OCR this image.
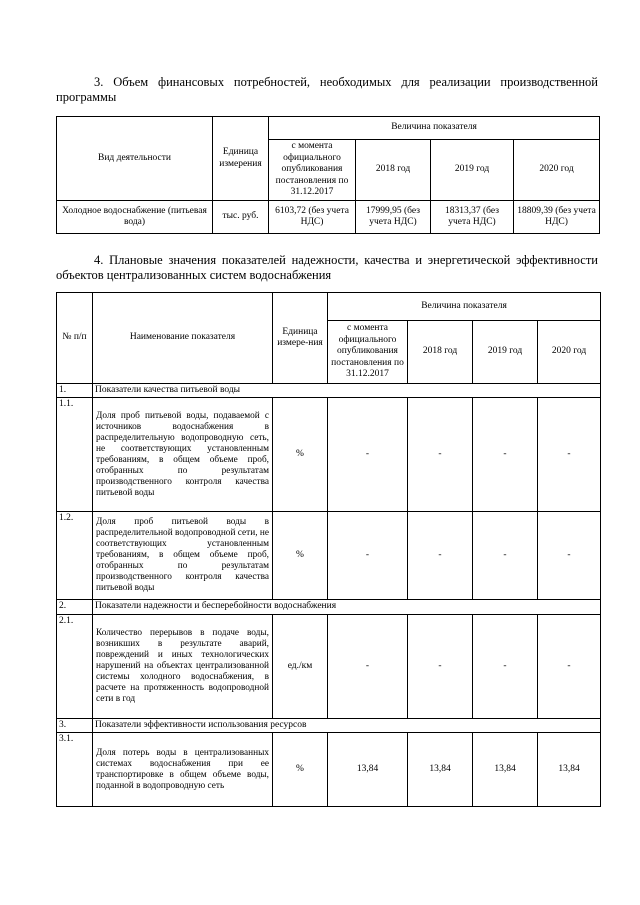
3. Объем финансовых потребностей, необходимых для реализации производственной
программы

Вид деятельности	Единица измерения	Величина показателя			
		с момента официального опубликования постановления по 31.12.2017	2018 год	2019 год	2020 год
Холодное водоснабжение (питьевая вода)	тыс. руб.	6103,72 (без учета НДС)	17999,95 (без учета НДС)	18313,37 (без учета НДС)	18809,39 (без учета НДС)

4. Плановые значения показателей надежности, качества и энергетической эффективности
объектов централизованных систем водоснабжения

№ п/п	Наименование показателя	Единица измере-ния	Величина показателя			
			с момента официального опубликования постановления по 31.12.2017	2018 год	2019 год	2020 год
1.	Показатели качества питьевой воды					
1.1.	Доля проб питьевой воды, подаваемой с источников водоснабжения в распределительную водопроводную сеть, не соответствующих установленным требованиям, в общем объеме проб, отобранных по результатам производственного контроля качества питьевой воды	%	-	-	-	-
1.2.	Доля проб питьевой воды в распределительной водопроводной сети, не соответствующих установленным требованиям, в общем объеме проб, отобранных по результатам производственного контроля качества питьевой воды	%	-	-	-	-
2.	Показатели надежности и бесперебойности водоснабжения					
2.1.	Количество перерывов в подаче воды, возникших в результате аварий, повреждений и иных технологических нарушений на объектах централизованной системы холодного водоснабжения, в расчете на протяженность водопроводной сети в год	ед./км	-	-	-	-
3.	Показатели эффективности использования ресурсов					
3.1.	Доля потерь воды в централизованных системах водоснабжения при ее транспортировке в общем объеме воды, поданной в водопроводную сеть	%	13,84	13,84	13,84	13,84
